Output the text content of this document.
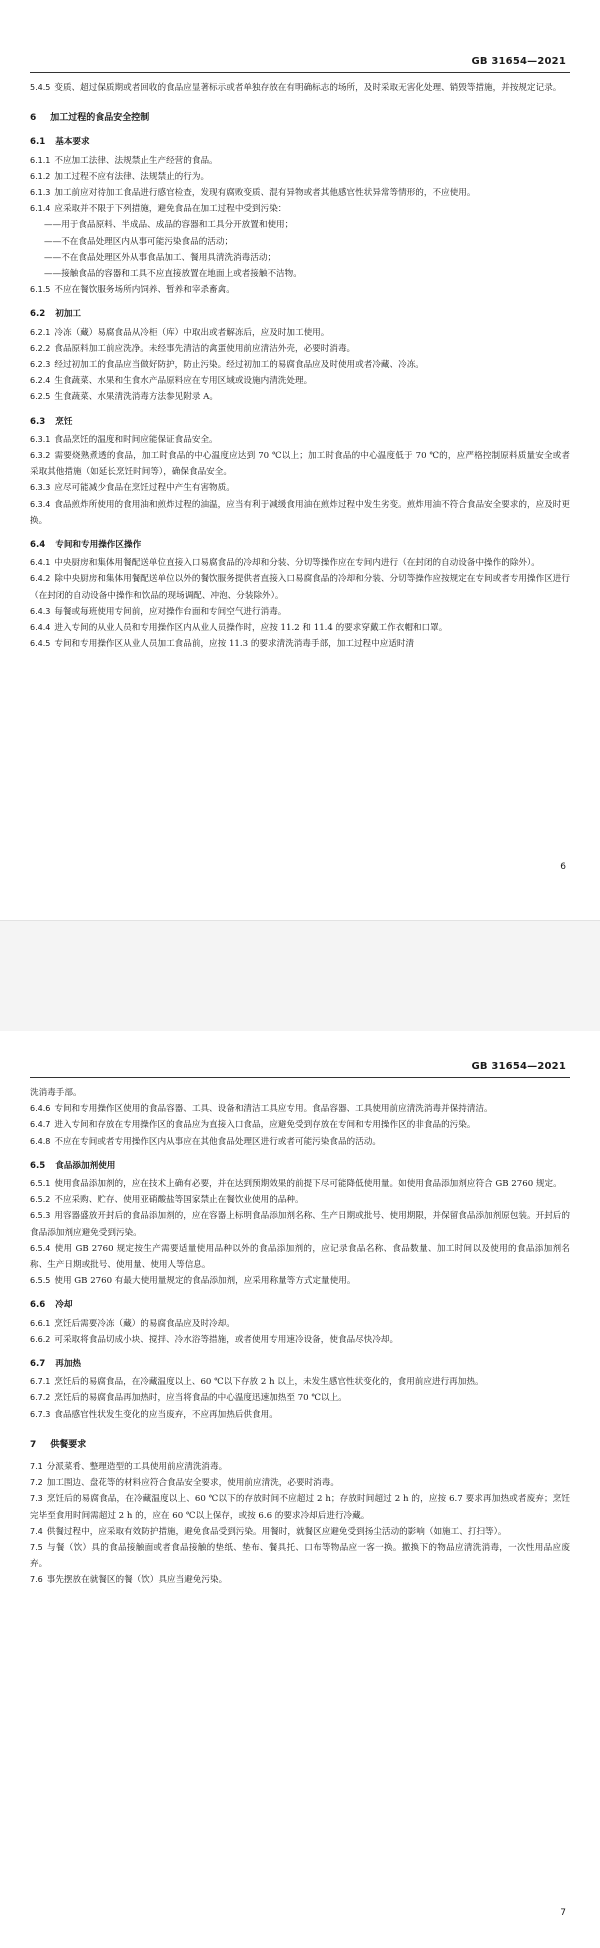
GB 31654—2021
5.4.5 变质、超过保质期或者回收的食品应显著标示或者单独存放在有明确标志的场所，及时采取无害化处理、销毁等措施，并按规定记录。
6 加工过程的食品安全控制
6.1 基本要求
6.1.1 不应加工法律、法规禁止生产经营的食品。
6.1.2 加工过程不应有法律、法规禁止的行为。
6.1.3 加工前应对待加工食品进行感官检查，发现有腐败变质、混有异物或者其他感官性状异常等情形的，不应使用。
6.1.4 应采取并不限于下列措施，避免食品在加工过程中受到污染：
——用于食品原料、半成品、成品的容器和工具分开放置和使用；
——不在食品处理区内从事可能污染食品的活动；
——不在食品处理区外从事食品加工、餐用具清洗消毒活动；
——接触食品的容器和工具不应直接放置在地面上或者接触不洁物。
6.1.5 不应在餐饮服务场所内饲养、暂养和宰杀畜禽。
6.2 初加工
6.2.1 冷冻（藏）易腐食品从冷柜（库）中取出或者解冻后，应及时加工使用。
6.2.2 食品原料加工前应洗净。未经事先清洁的禽蛋使用前应清洁外壳，必要时消毒。
6.2.3 经过初加工的食品应当做好防护，防止污染。经过初加工的易腐食品应及时使用或者冷藏、冷冻。
6.2.4 生食蔬菜、水果和生食水产品原料应在专用区域或设施内清洗处理。
6.2.5 生食蔬菜、水果清洗消毒方法参见附录 A。
6.3 烹饪
6.3.1 食品烹饪的温度和时间应能保证食品安全。
6.3.2 需要烧熟煮透的食品，加工时食品的中心温度应达到 70 ℃以上；加工时食品的中心温度低于 70 ℃的，应严格控制原料质量安全或者采取其他措施（如延长烹饪时间等），确保食品安全。
6.3.3 应尽可能减少食品在烹饪过程中产生有害物质。
6.3.4 食品煎炸所使用的食用油和煎炸过程的油温，应当有利于减缓食用油在煎炸过程中发生劣变。煎炸用油不符合食品安全要求的，应及时更换。
6.4 专间和专用操作区操作
6.4.1 中央厨房和集体用餐配送单位直接入口易腐食品的冷却和分装、分切等操作应在专间内进行（在封闭的自动设备中操作的除外）。
6.4.2 除中央厨房和集体用餐配送单位以外的餐饮服务提供者直接入口易腐食品的冷却和分装、分切等操作应按规定在专间或者专用操作区进行（在封闭的自动设备中操作和饮品的现场调配、冲泡、分装除外）。
6.4.3 每餐或每班使用专间前，应对操作台面和专间空气进行消毒。
6.4.4 进入专间的从业人员和专用操作区内从业人员操作时，应按 11.2 和 11.4 的要求穿戴工作衣帽和口罩。
6.4.5 专间和专用操作区从业人员加工食品前，应按 11.3 的要求清洗消毒手部，加工过程中应适时清
6
GB 31654—2021
洗消毒手部。
6.4.6 专间和专用操作区使用的食品容器、工具、设备和清洁工具应专用。食品容器、工具使用前应清洗消毒并保持清洁。
6.4.7 进入专间和存放在专用操作区的食品应为直接入口食品，应避免受到存放在专间和专用操作区的非食品的污染。
6.4.8 不应在专间或者专用操作区内从事应在其他食品处理区进行或者可能污染食品的活动。
6.5 食品添加剂使用
6.5.1 使用食品添加剂的，应在技术上确有必要，并在达到预期效果的前提下尽可能降低使用量。如使用食品添加剂应符合 GB 2760 规定。
6.5.2 不应采购、贮存、使用亚硝酸盐等国家禁止在餐饮业使用的品种。
6.5.3 用容器盛放开封后的食品添加剂的，应在容器上标明食品添加剂名称、生产日期或批号、使用期限，并保留食品添加剂原包装。开封后的食品添加剂应避免受到污染。
6.5.4 使用 GB 2760 规定按生产需要适量使用品种以外的食品添加剂的，应记录食品名称、食品数量、加工时间以及使用的食品添加剂名称、生产日期或批号、使用量、使用人等信息。
6.5.5 使用 GB 2760 有最大使用量规定的食品添加剂，应采用称量等方式定量使用。
6.6 冷却
6.6.1 烹饪后需要冷冻（藏）的易腐食品应及时冷却。
6.6.2 可采取将食品切成小块、搅拌、冷水浴等措施，或者使用专用速冷设备，使食品尽快冷却。
6.7 再加热
6.7.1 烹饪后的易腐食品，在冷藏温度以上、60 ℃以下存放 2 h 以上，未发生感官性状变化的，食用前应进行再加热。
6.7.2 烹饪后的易腐食品再加热时，应当将食品的中心温度迅速加热至 70 ℃以上。
6.7.3 食品感官性状发生变化的应当废弃，不应再加热后供食用。
7 供餐要求
7.1 分派菜肴、整理造型的工具使用前应清洗消毒。
7.2 加工围边、盘花等的材料应符合食品安全要求，使用前应清洗，必要时消毒。
7.3 烹饪后的易腐食品，在冷藏温度以上、60 ℃以下的存放时间不应超过 2 h；存放时间超过 2 h 的，应按 6.7 要求再加热或者废弃；烹饪完毕至食用时间需超过 2 h 的，应在 60 ℃以上保存，或按 6.6 的要求冷却后进行冷藏。
7.4 供餐过程中，应采取有效防护措施，避免食品受到污染。用餐时，就餐区应避免受到扬尘活动的影响（如施工、打扫等）。
7.5 与餐（饮）具的食品接触面或者食品接触的垫纸、垫布、餐具托、口布等物品应一客一换。撤换下的物品应清洗消毒，一次性用品应废弃。
7.6 事先摆放在就餐区的餐（饮）具应当避免污染。
7
